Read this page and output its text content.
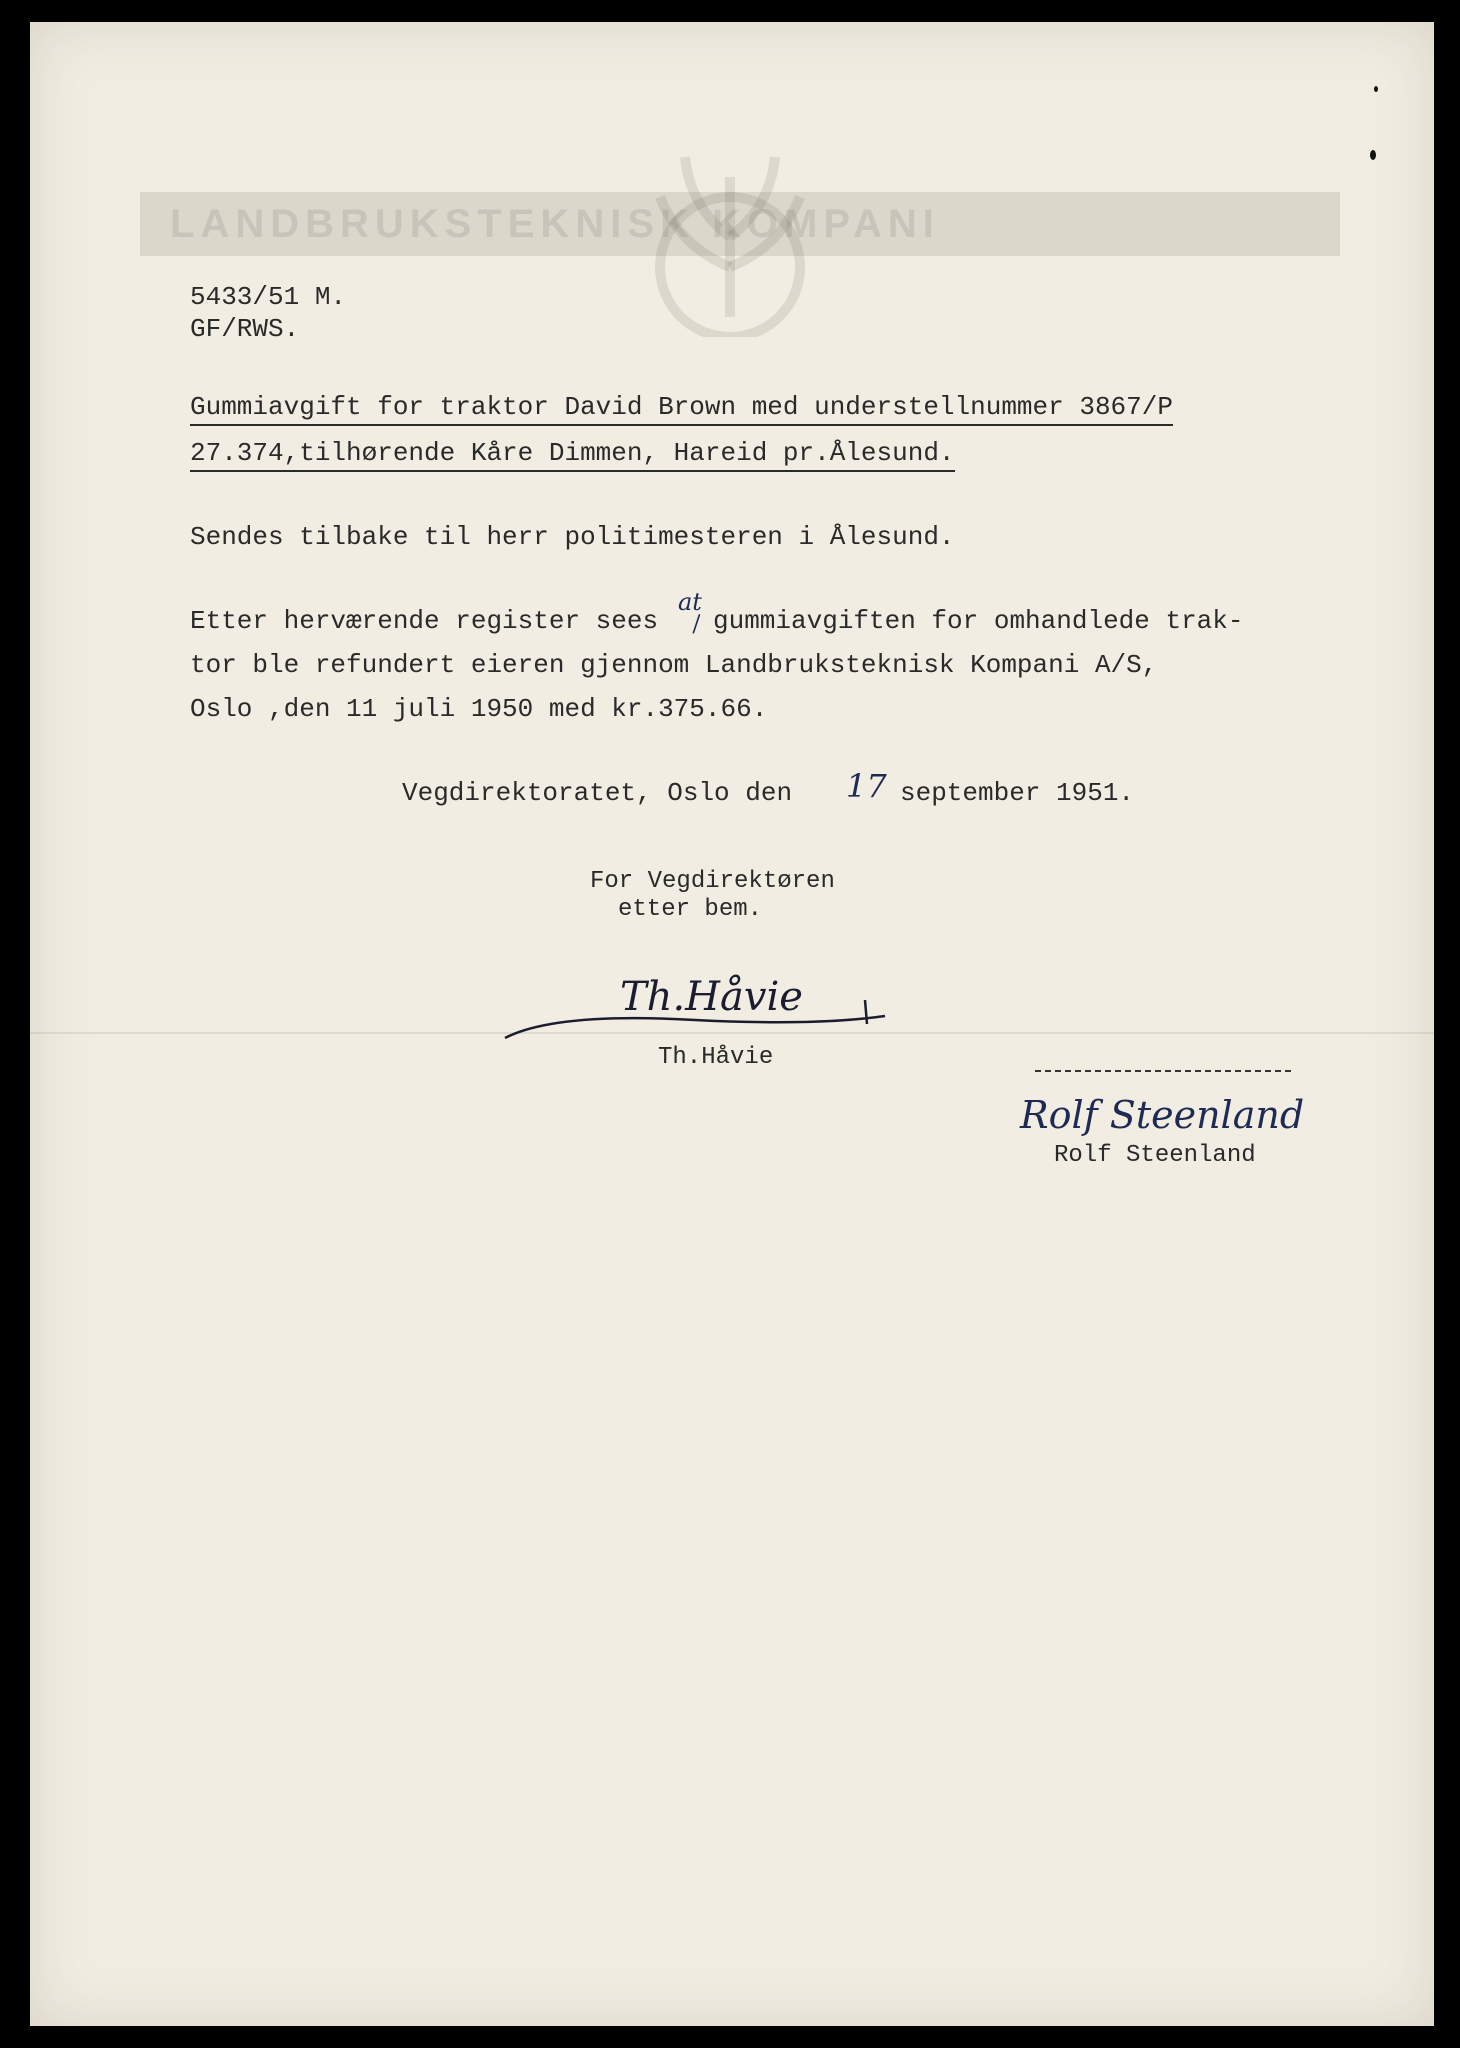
LANDBRUKSTEKNISK KOMPANI
5433/51 M.
GF/RWS.
Gummiavgift for traktor David Brown med understellnummer 3867/P
27.374,tilhørende Kåre Dimmen, Hareid pr.Ålesund.
Sendes tilbake til herr politimesteren i Ålesund.
Etter herværende register sees
at
gummiavgiften for omhandlede trak-
tor ble refundert eieren gjennom Landbruksteknisk Kompani A/S,
Oslo ,den 11 juli 1950 med kr.375.66.
Vegdirektoratet, Oslo den 17 september 1951.
For Vegdirektøren
etter bem.
Th.Håvie
Th.Håvie
Rolf Steenland
Rolf Steenland
